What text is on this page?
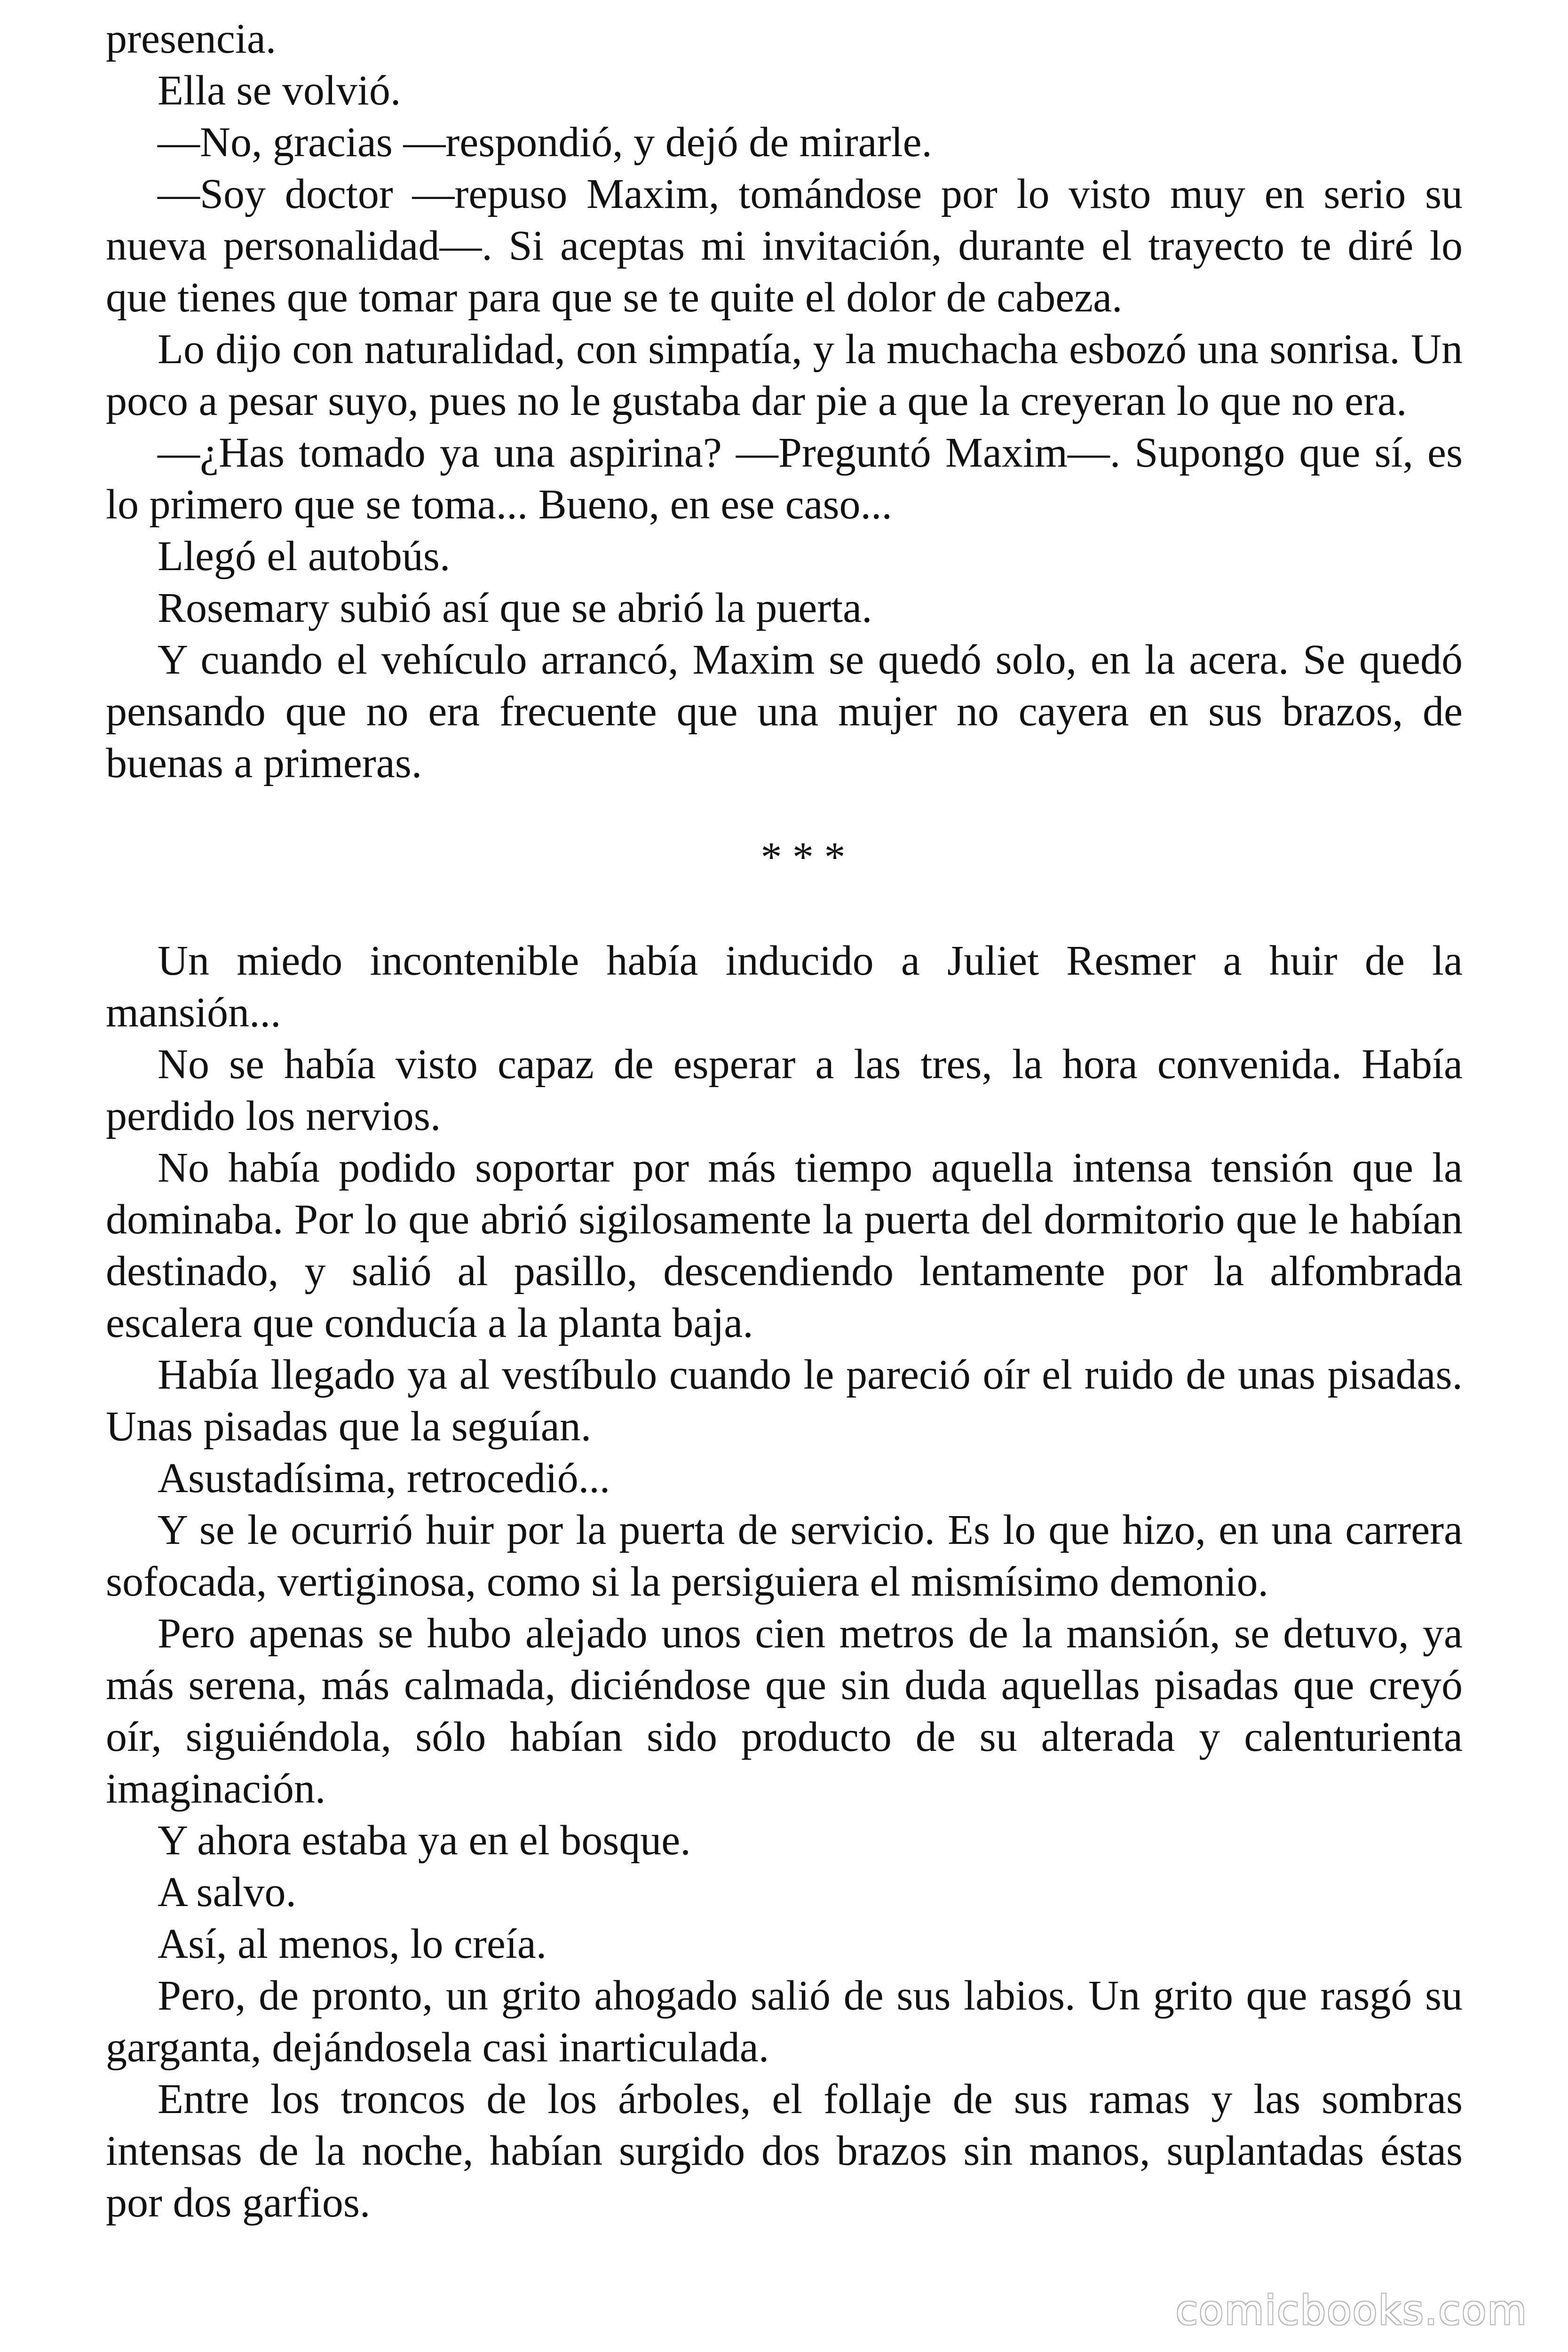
presencia.

Ella se volvió.

—No, gracias —respondió, y dejó de mirarle.

—Soy doctor —repuso Maxim, tomándose por lo visto muy en serio su nueva personalidad—. Si aceptas mi invitación, durante el trayecto te diré lo que tienes que tomar para que se te quite el dolor de cabeza.

Lo dijo con naturalidad, con simpatía, y la muchacha esbozó una sonrisa. Un poco a pesar suyo, pues no le gustaba dar pie a que la creyeran lo que no era.

—¿Has tomado ya una aspirina? —Preguntó Maxim—. Supongo que sí, es lo primero que se toma... Bueno, en ese caso...

Llegó el autobús.

Rosemary subió así que se abrió la puerta.

Y cuando el vehículo arrancó, Maxim se quedó solo, en la acera. Se quedó pensando que no era frecuente que una mujer no cayera en sus brazos, de buenas a primeras.

* * *

Un miedo incontenible había inducido a Juliet Resmer a huir de la mansión...

No se había visto capaz de esperar a las tres, la hora convenida. Había perdido los nervios.

No había podido soportar por más tiempo aquella intensa tensión que la dominaba. Por lo que abrió sigilosamente la puerta del dormitorio que le habían destinado, y salió al pasillo, descendiendo lentamente por la alfombrada escalera que conducía a la planta baja.

Había llegado ya al vestíbulo cuando le pareció oír el ruido de unas pisadas. Unas pisadas que la seguían.

Asustadísima, retrocedió...

Y se le ocurrió huir por la puerta de servicio. Es lo que hizo, en una carrera sofocada, vertiginosa, como si la persiguiera el mismísimo demonio.

Pero apenas se hubo alejado unos cien metros de la mansión, se detuvo, ya más serena, más calmada, diciéndose que sin duda aquellas pisadas que creyó oír, siguiéndola, sólo habían sido producto de su alterada y calenturienta imaginación.

Y ahora estaba ya en el bosque.

A salvo.

Así, al menos, lo creía.

Pero, de pronto, un grito ahogado salió de sus labios. Un grito que rasgó su garganta, dejándosela casi inarticulada.

Entre los troncos de los árboles, el follaje de sus ramas y las sombras intensas de la noche, habían surgido dos brazos sin manos, suplantadas éstas por dos garfios.

comicbooks.com
